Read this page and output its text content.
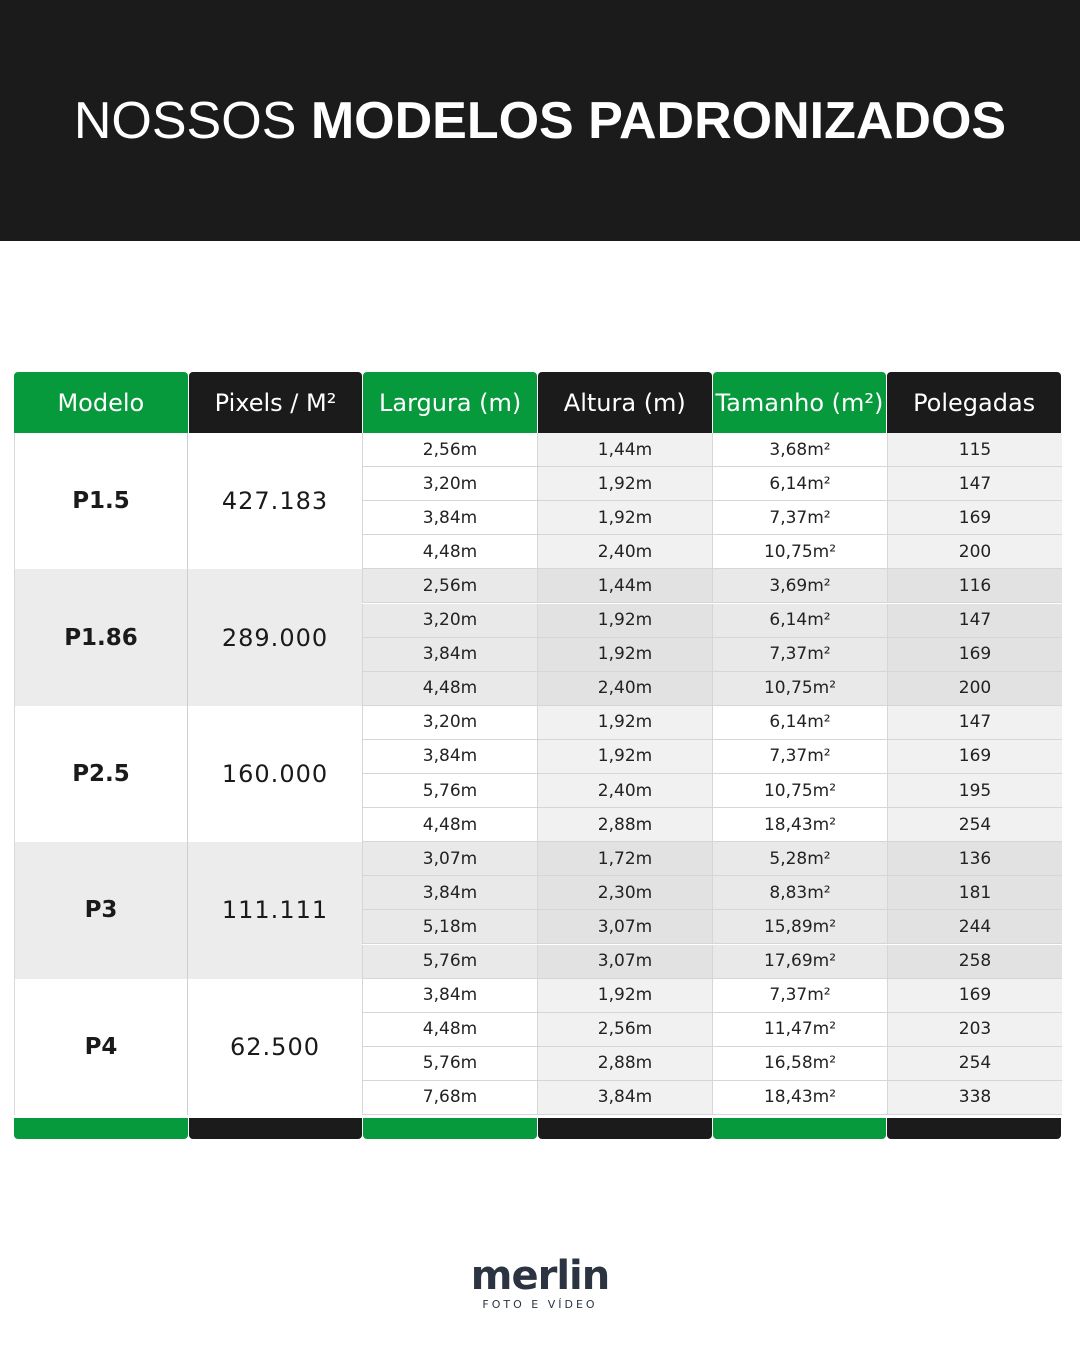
NOSSOS MODELOS PADRONIZADOS
Modelo	Pixels / M²	Largura (m)	Altura (m)	Tamanho (m²)	Polegadas
P1.5	427.183
2,56m	1,44m	3,68m²	115
3,20m	1,92m	6,14m²	147
3,84m	1,92m	7,37m²	169
4,48m	2,40m	10,75m²	200
P1.86	289.000
2,56m	1,44m	3,69m²	116
3,20m	1,92m	6,14m²	147
3,84m	1,92m	7,37m²	169
4,48m	2,40m	10,75m²	200
P2.5	160.000
3,20m	1,92m	6,14m²	147
3,84m	1,92m	7,37m²	169
5,76m	2,40m	10,75m²	195
4,48m	2,88m	18,43m²	254
P3	111.111
3,07m	1,72m	5,28m²	136
3,84m	2,30m	8,83m²	181
5,18m	3,07m	15,89m²	244
5,76m	3,07m	17,69m²	258
P4	62.500
3,84m	1,92m	7,37m²	169
4,48m	2,56m	11,47m²	203
5,76m	2,88m	16,58m²	254
7,68m	3,84m	18,43m²	338
merlin
FOTO E VÍDEO
